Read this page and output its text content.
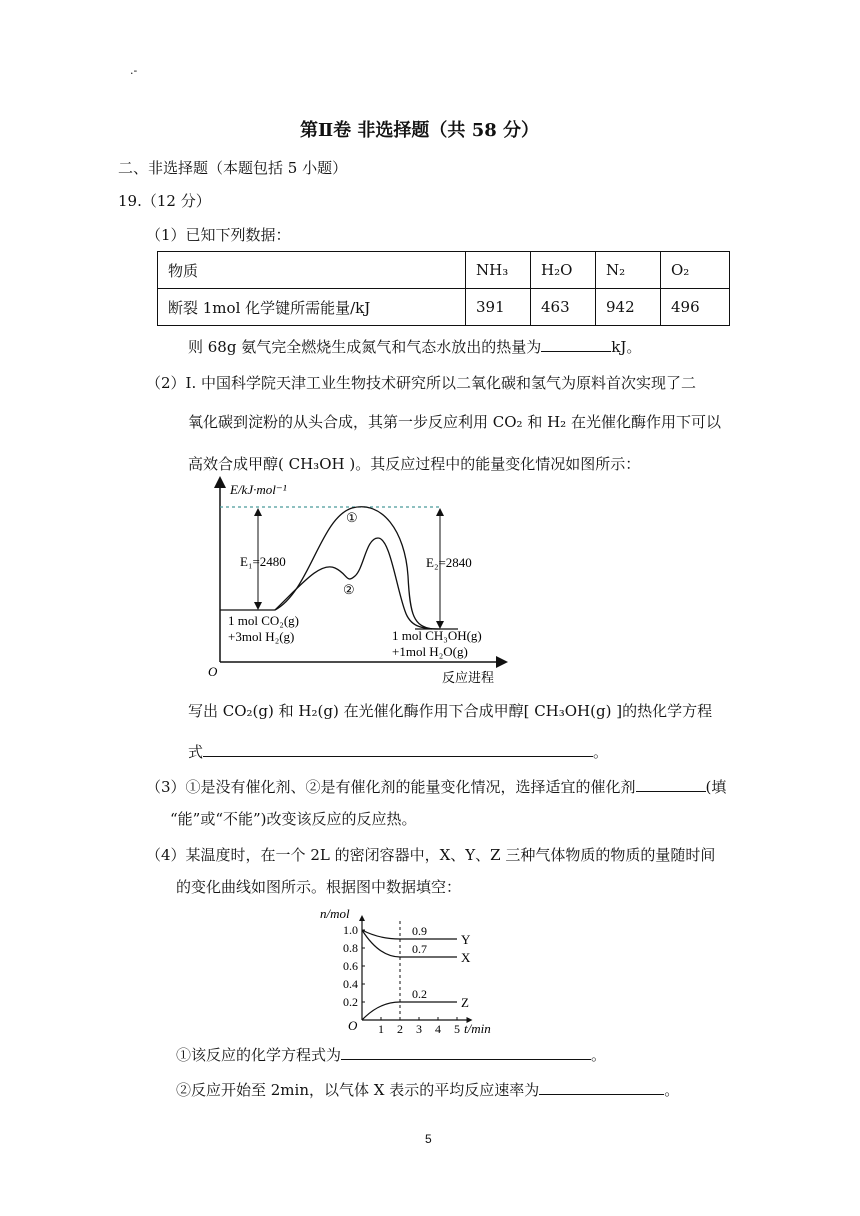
.-
第Ⅱ卷 非选择题（共 58 分）
二、非选择题（本题包括 5 小题）
19.（12 分）
（1）已知下列数据：
物质	NH₃	H₂O	N₂	O₂
断裂 1mol 化学键所需能量/kJ	391	463	942	496
则 68g 氨气完全燃烧生成氮气和气态水放出的热量为	kJ。
（2）I. 中国科学院天津工业生物技术研究所以二氧化碳和氢气为原料首次实现了二
氧化碳到淀粉的从头合成，其第一步反应利用 CO₂ 和 H₂ 在光催化酶作用下可以
高效合成甲醇( CH₃OH )。其反应过程中的能量变化情况如图所示：
E/kJ·mol⁻¹
反应进程
O
E₁=2480	E₂=2840
①
②
1 mol CO₂(g)
+3mol H₂(g)	1 mol CH₃OH(g)
+1mol H₂O(g)
写出 CO₂(g) 和 H₂(g) 在光催化酶作用下合成甲醇[ CH₃OH(g) ]的热化学方程
式	。
（3）①是没有催化剂、②是有催化剂的能量变化情况，选择适宜的催化剂	(填
“能”或“不能”)改变该反应的反应热。
（4）某温度时，在一个 2L 的密闭容器中，X、Y、Z 三种气体物质的物质的量随时间
的变化曲线如图所示。根据图中数据填空：
n/mol
t/min
O
0.2
0.4
0.6
0.8
1.0
1 2 3 4 5
0.9
Y
0.7
X
0.2
Z
①该反应的化学方程式为	。
②反应开始至 2min，以气体 X 表示的平均反应速率为	。
5
